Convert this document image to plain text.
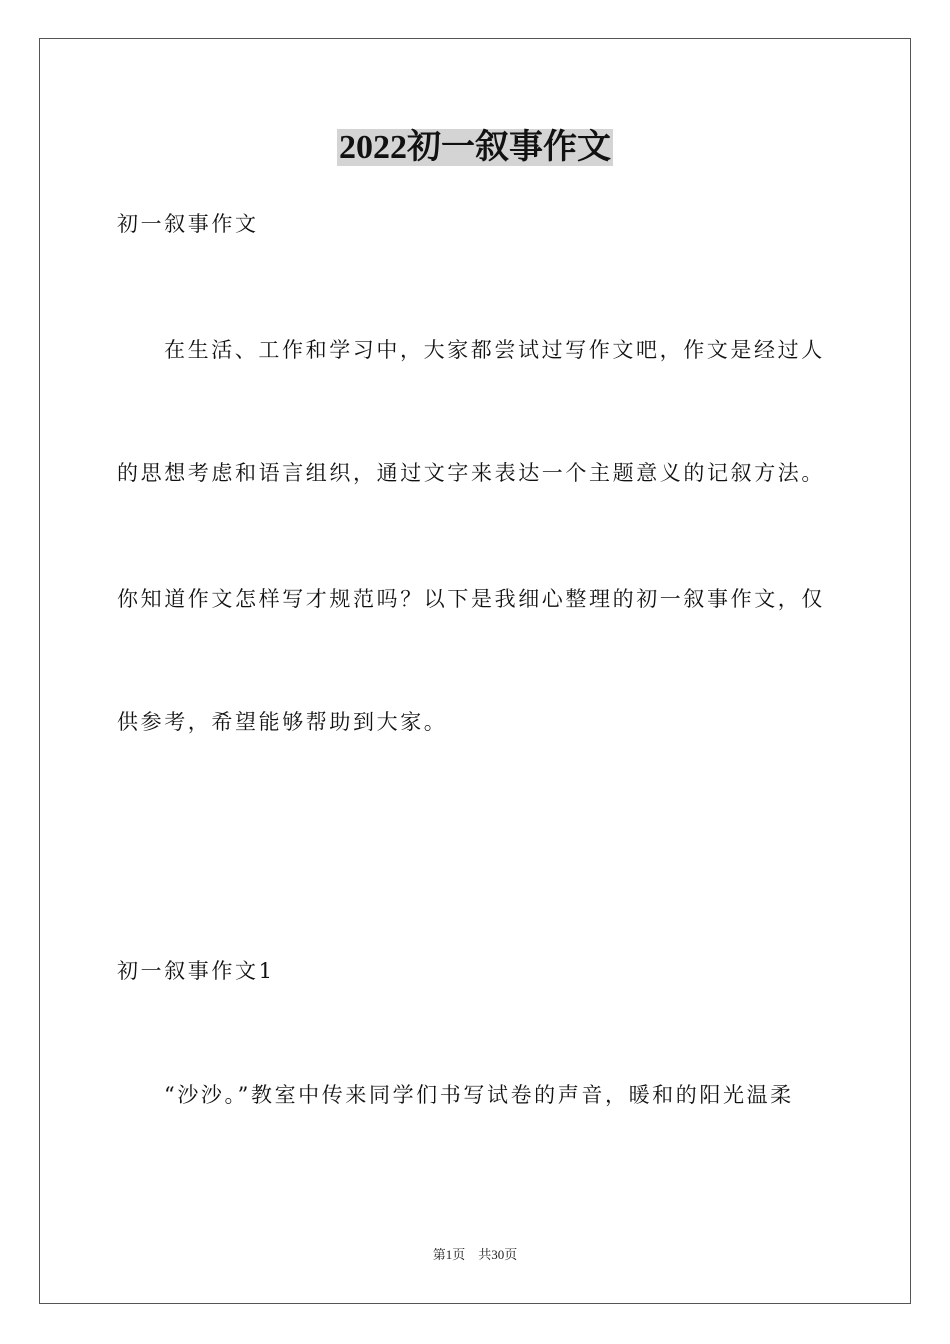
2022初一叙事作文
初一叙事作文
在生活、工作和学习中，大家都尝试过写作文吧，作文是经过人
的思想考虑和语言组织，通过文字来表达一个主题意义的记叙方法。
你知道作文怎样写才规范吗？以下是我细心整理的初一叙事作文，仅
供参考，希望能够帮助到大家。
初一叙事作文1
“沙沙。”教室中传来同学们书写试卷的声音，暖和的阳光温柔
第1页　共30页
